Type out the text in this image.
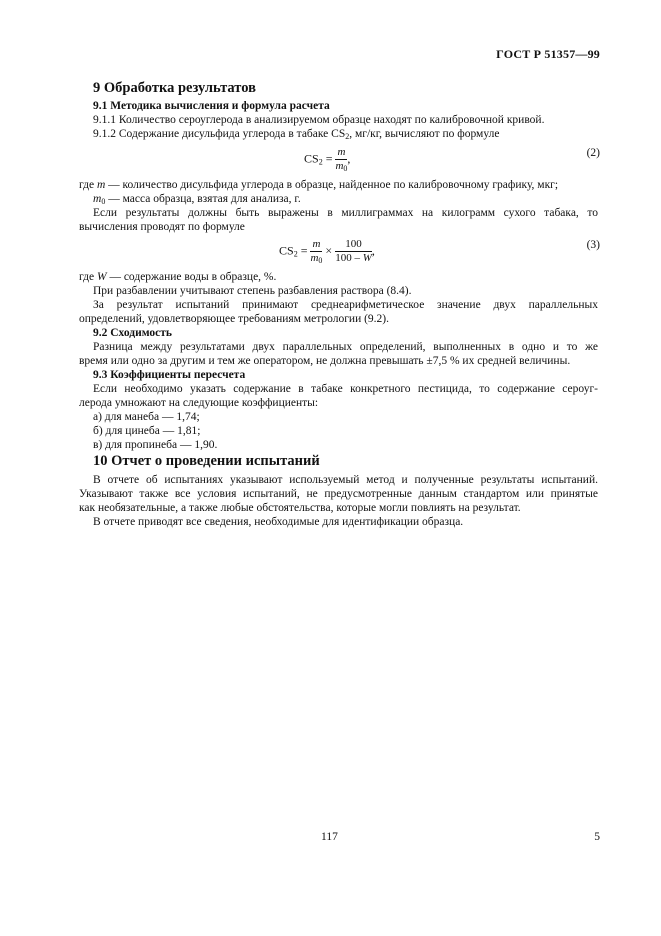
ГОСТ Р 51357—99
9 Обработка результатов
9.1 Методика вычисления и формула расчета
9.1.1 Количество сероуглерода в анализируемом образце находят по калибровочной кривой.
9.1.2 Содержание дисульфида углерода в табаке $CS_2$, мг/кг, вычисляют по формуле
$CS_2 = \frac{m}{m_0}$ ,	(2)
где m — количество дисульфида углерода в образце, найденное по калибровочному графику, мкг;
$m_0$ — масса образца, взятая для анализа, г.
Если результаты должны быть выражены в миллиграммах на килограмм сухого табака, то
вычисления проводят по формуле
$CS_2 = \frac{m}{m_0} \times \frac{100}{100 - W}$ ,	(3)
где W — содержание воды в образце, %.
При разбавлении учитывают степень разбавления раствора (8.4).
За результат испытаний принимают среднеарифметическое значение двух параллельных
определений, удовлетворяющее требованиям метрологии (9.2).
9.2 Сходимость
Разница между результатами двух параллельных определений, выполненных в одно и то же
время или одно за другим и тем же оператором, не должна превышать ±7,5 % их средней величины.
9.3 Коэффициенты пересчета
Если необходимо указать содержание в табаке конкретного пестицида, то содержание сероуг-
лерода умножают на следующие коэффициенты:
а) для манеба — 1,74;
б) для цинеба — 1,81;
в) для пропинеба — 1,90.
10 Отчет о проведении испытаний
В отчете об испытаниях указывают используемый метод и полученные результаты испытаний.
Указывают также все условия испытаний, не предусмотренные данным стандартом или принятые
как необязательные, а также любые обстоятельства, которые могли повлиять на результат.
В отчете приводят все сведения, необходимые для идентификации образца.
117	5
